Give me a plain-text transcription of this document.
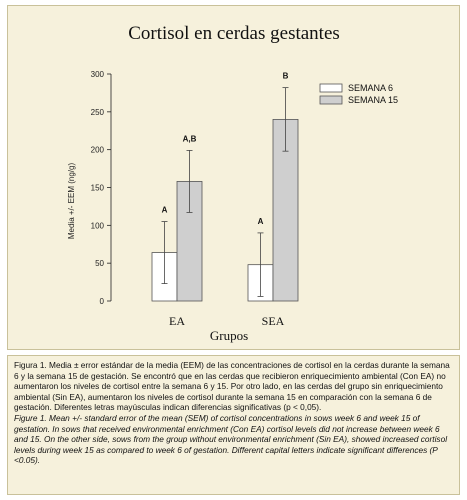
Cortisol en cerdas gestantes
0
50
100
150
200
250
300
A
A,B
EA
A
B
SEA
SEMANA 6
SEMANA 15
Media +/- EEM (ng/g)
Grupos

Figura 1. Media ± error estándar de la media (EEM) de las concentraciones de cortisol en la cerdas durante la semana 6 y la semana 15 de gestación. Se encontró que en las cerdas que recibieron enriquecimiento ambiental (Con EA) no aumentaron los niveles de cortisol entre la semana 6 y 15. Por otro lado, en las cerdas del grupo sin enriquecimiento ambiental (Sin EA), aumentaron los niveles de cortisol durante la semana 15 en comparación con la semana 6 de gestación. Diferentes letras mayúsculas indican diferencias significativas (p < 0,05).

Figure 1. Mean +/- standard error of the mean (SEM) of cortisol concentrations in sows week 6 and week 15 of gestation. In sows that received environmental enrichment (Con EA) cortisol levels did not increase between week 6 and 15. On the other side, sows from the group without environmental enrichment (Sin EA), showed increased cortisol levels during week 15 as compared to week 6 of gestation. Different capital letters indicate significant differences (P <0.05).
